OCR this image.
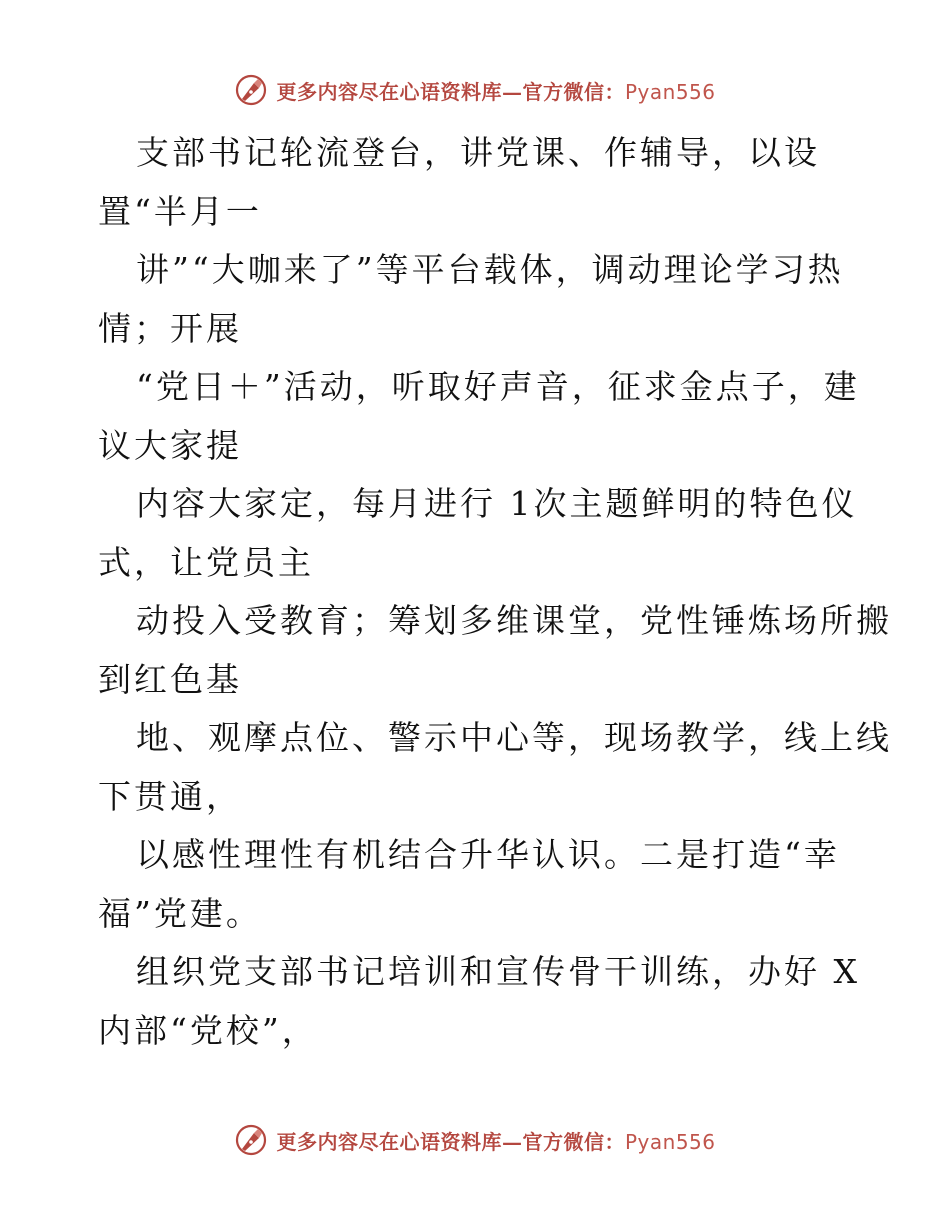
更多内容尽在心语资料库—官方微信：Pyan556

支部书记轮流登台，讲党课、作辅导，以设

置“半月一

讲”“大咖来了”等平台载体，调动理论学习热

情；开展

“党日＋”活动，听取好声音，征求金点子，建

议大家提

内容大家定，每月进行 1次主题鲜明的特色仪

式，让党员主

动投入受教育；筹划多维课堂，党性锤炼场所搬

到红色基

地、观摩点位、警示中心等，现场教学，线上线

下贯通，

以感性理性有机结合升华认识。二是打造“幸

福”党建。

组织党支部书记培训和宣传骨干训练，办好 X

内部“党校”，

更多内容尽在心语资料库—官方微信：Pyan556
